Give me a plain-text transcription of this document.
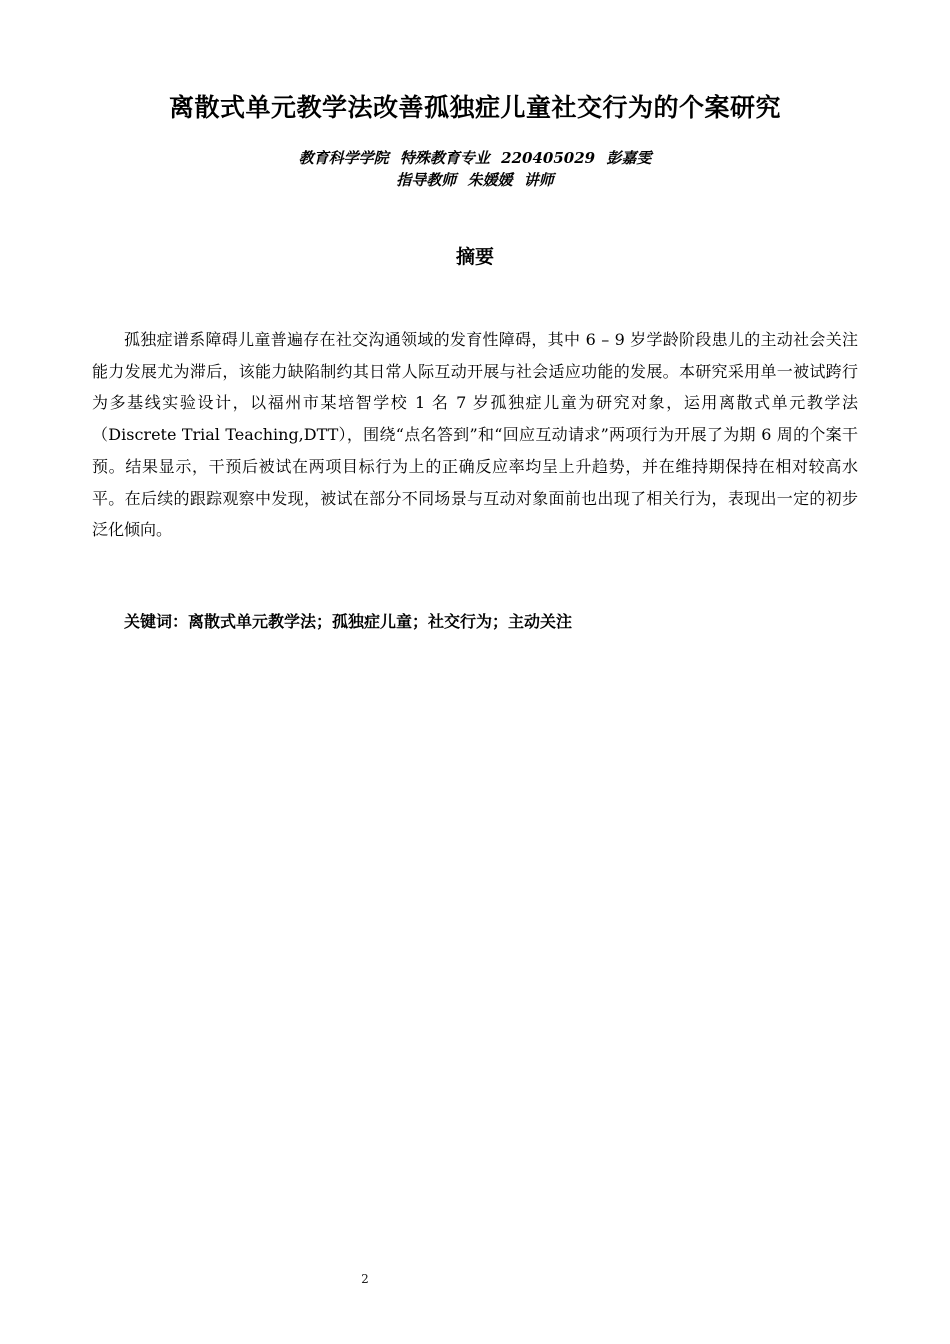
离散式单元教学法改善孤独症儿童社交行为的个案研究
教育科学学院 特殊教育专业 220405029 彭嘉雯
指导教师 朱媛媛 讲师
摘要

孤独症谱系障碍儿童普遍存在社交沟通领域的发育性障碍，其中 6 – 9 岁学龄阶段患儿的主动社会关注能力发展尤为滞后，该能力缺陷制约其日常人际互动开展与社会适应功能的发展。本研究采用单一被试跨行为多基线实验设计，以福州市某培智学校 1 名 7 岁孤独症儿童为研究对象，运用离散式单元教学法（Discrete Trial Teaching,DTT），围绕“点名答到”和“回应互动请求”两项行为开展了为期 6 周的个案干预。结果显示，干预后被试在两项目标行为上的正确反应率均呈上升趋势，并在维持期保持在相对较高水平。在后续的跟踪观察中发现，被试在部分不同场景与互动对象面前也出现了相关行为，表现出一定的初步泛化倾向。

关键词：离散式单元教学法；孤独症儿童；社交行为；主动关注
2
